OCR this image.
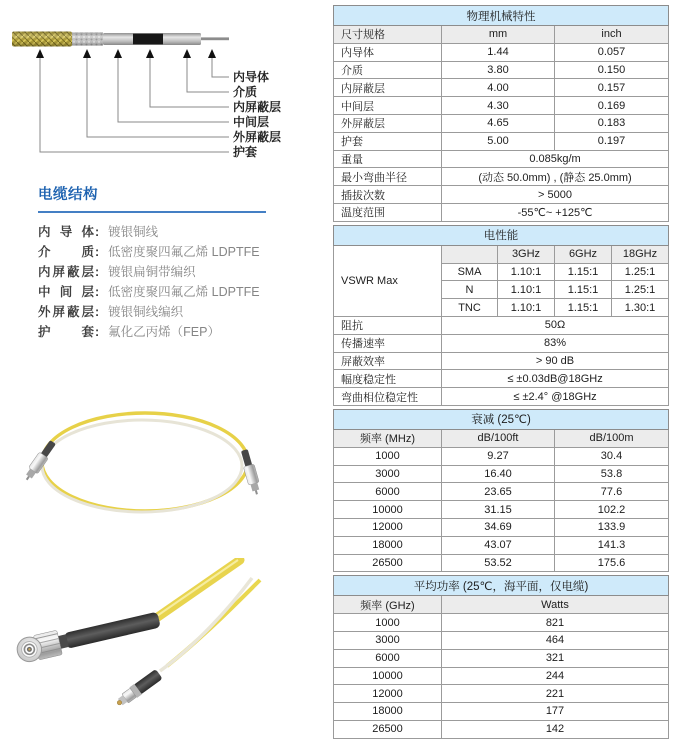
内导体
介质
内屏蔽层
中间层
外屏蔽层
护套
电缆结构
内 导 体: 镀银铜线
介 质: 低密度聚四氟乙烯 LDPTFE
内屏蔽层: 镀银扁铜带编织
中 间 层: 低密度聚四氟乙烯 LDPTFE
外屏蔽层: 镀银铜线编织
护 套: 氟化乙丙烯（FEP）
物理机械特性		
尺寸规格	mm	inch
内导体	1.44	0.057
介质	3.80	0.150
内屏蔽层	4.00	0.157
中间层	4.30	0.169
外屏蔽层	4.65	0.183
护套	5.00	0.197
重量	0.085kg/m	
最小弯曲半径	(动态 50.0mm) , (静态 25.0mm)	
插拔次数	> 5000	
温度范围	-55℃~ +125℃	
电性能				
VSWR Max		3GHz	6GHz	18GHz
	SMA	1.10:1	1.15:1	1.25:1
	N	1.10:1	1.15:1	1.25:1
	TNC	1.10:1	1.15:1	1.30:1
阻抗	50Ω			
传播速率	83%			
屏蔽效率	> 90 dB			
幅度稳定性	≤ ±0.03dB@18GHz			
弯曲相位稳定性	≤ ±2.4° @18GHz			
衰减 (25℃)		
频率 (MHz)	dB/100ft	dB/100m
1000	9.27	30.4
3000	16.40	53.8
6000	23.65	77.6
10000	31.15	102.2
12000	34.69	133.9
18000	43.07	141.3
26500	53.52	175.6
平均功率 (25℃，海平面，仅电缆)	
频率 (GHz)	Watts
1000	821
3000	464
6000	321
10000	244
12000	221
18000	177
26500	142
